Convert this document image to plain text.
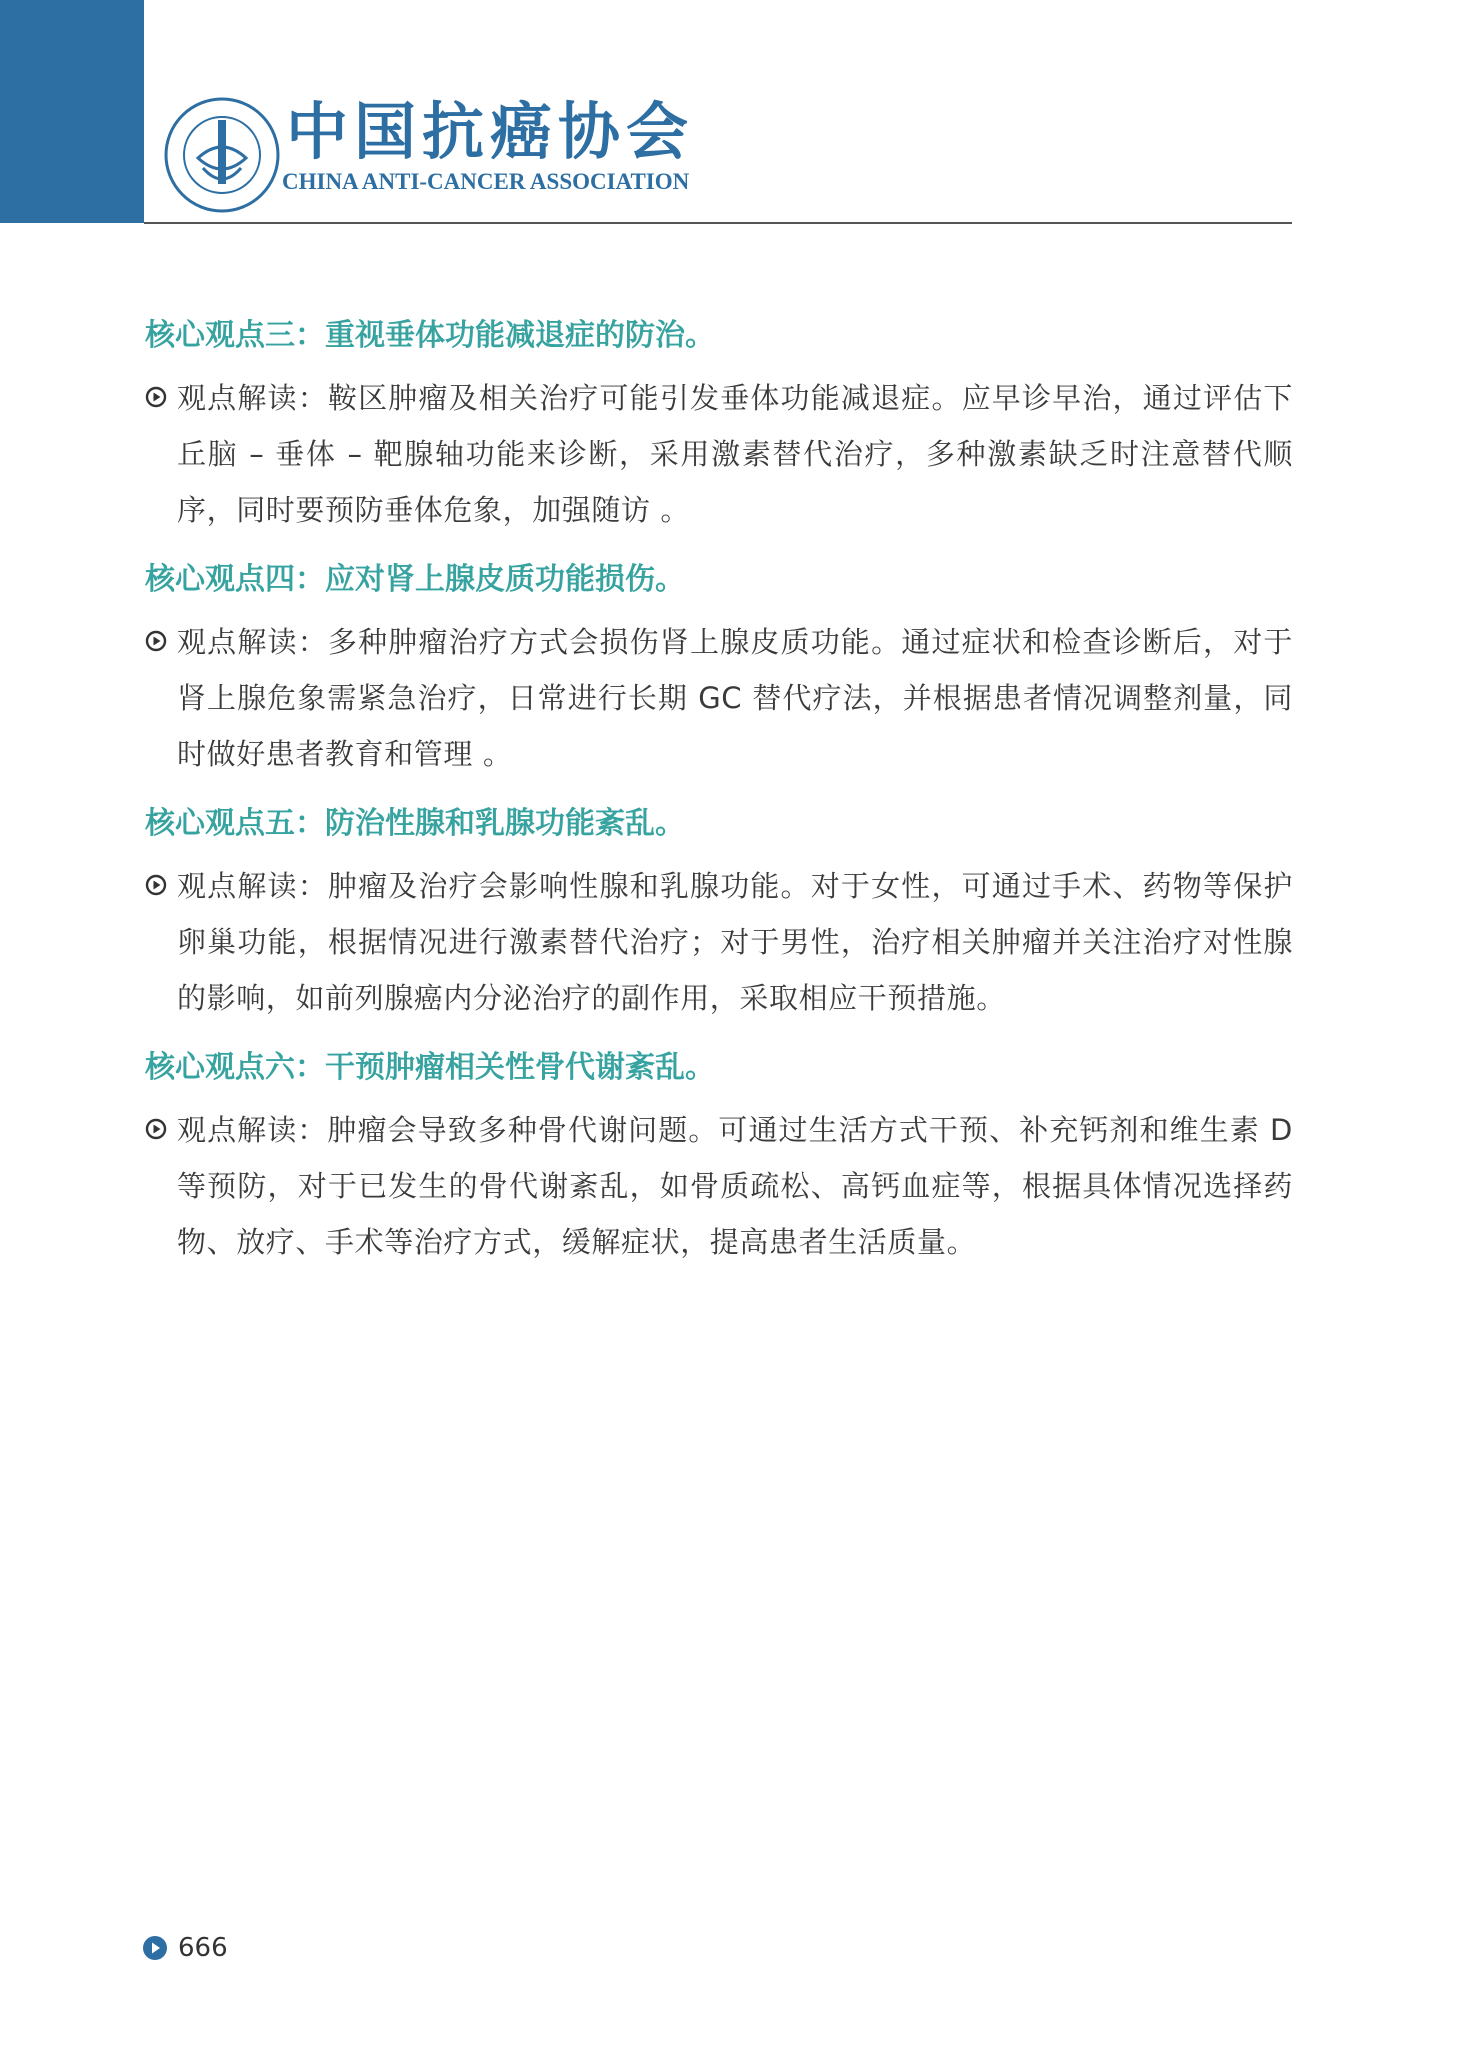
中国抗癌协会
CHINA ANTI-CANCER ASSOCIATION
核心观点三：重视垂体功能减退症的防治。
观点解读：鞍区肿瘤及相关治疗可能引发垂体功能减退症。应早诊早治，通过评估下丘脑 – 垂体 – 靶腺轴功能来诊断，采用激素替代治疗，多种激素缺乏时注意替代顺序，同时要预防垂体危象，加强随访 。
核心观点四：应对肾上腺皮质功能损伤。
观点解读：多种肿瘤治疗方式会损伤肾上腺皮质功能。通过症状和检查诊断后，对于肾上腺危象需紧急治疗，日常进行长期 GC 替代疗法，并根据患者情况调整剂量，同时做好患者教育和管理 。
核心观点五：防治性腺和乳腺功能紊乱。
观点解读：肿瘤及治疗会影响性腺和乳腺功能。对于女性，可通过手术、药物等保护卵巢功能，根据情况进行激素替代治疗；对于男性，治疗相关肿瘤并关注治疗对性腺的影响，如前列腺癌内分泌治疗的副作用，采取相应干预措施。
核心观点六：干预肿瘤相关性骨代谢紊乱。
观点解读：肿瘤会导致多种骨代谢问题。可通过生活方式干预、补充钙剂和维生素 D 等预防，对于已发生的骨代谢紊乱，如骨质疏松、高钙血症等，根据具体情况选择药物、放疗、手术等治疗方式，缓解症状，提高患者生活质量。
666
